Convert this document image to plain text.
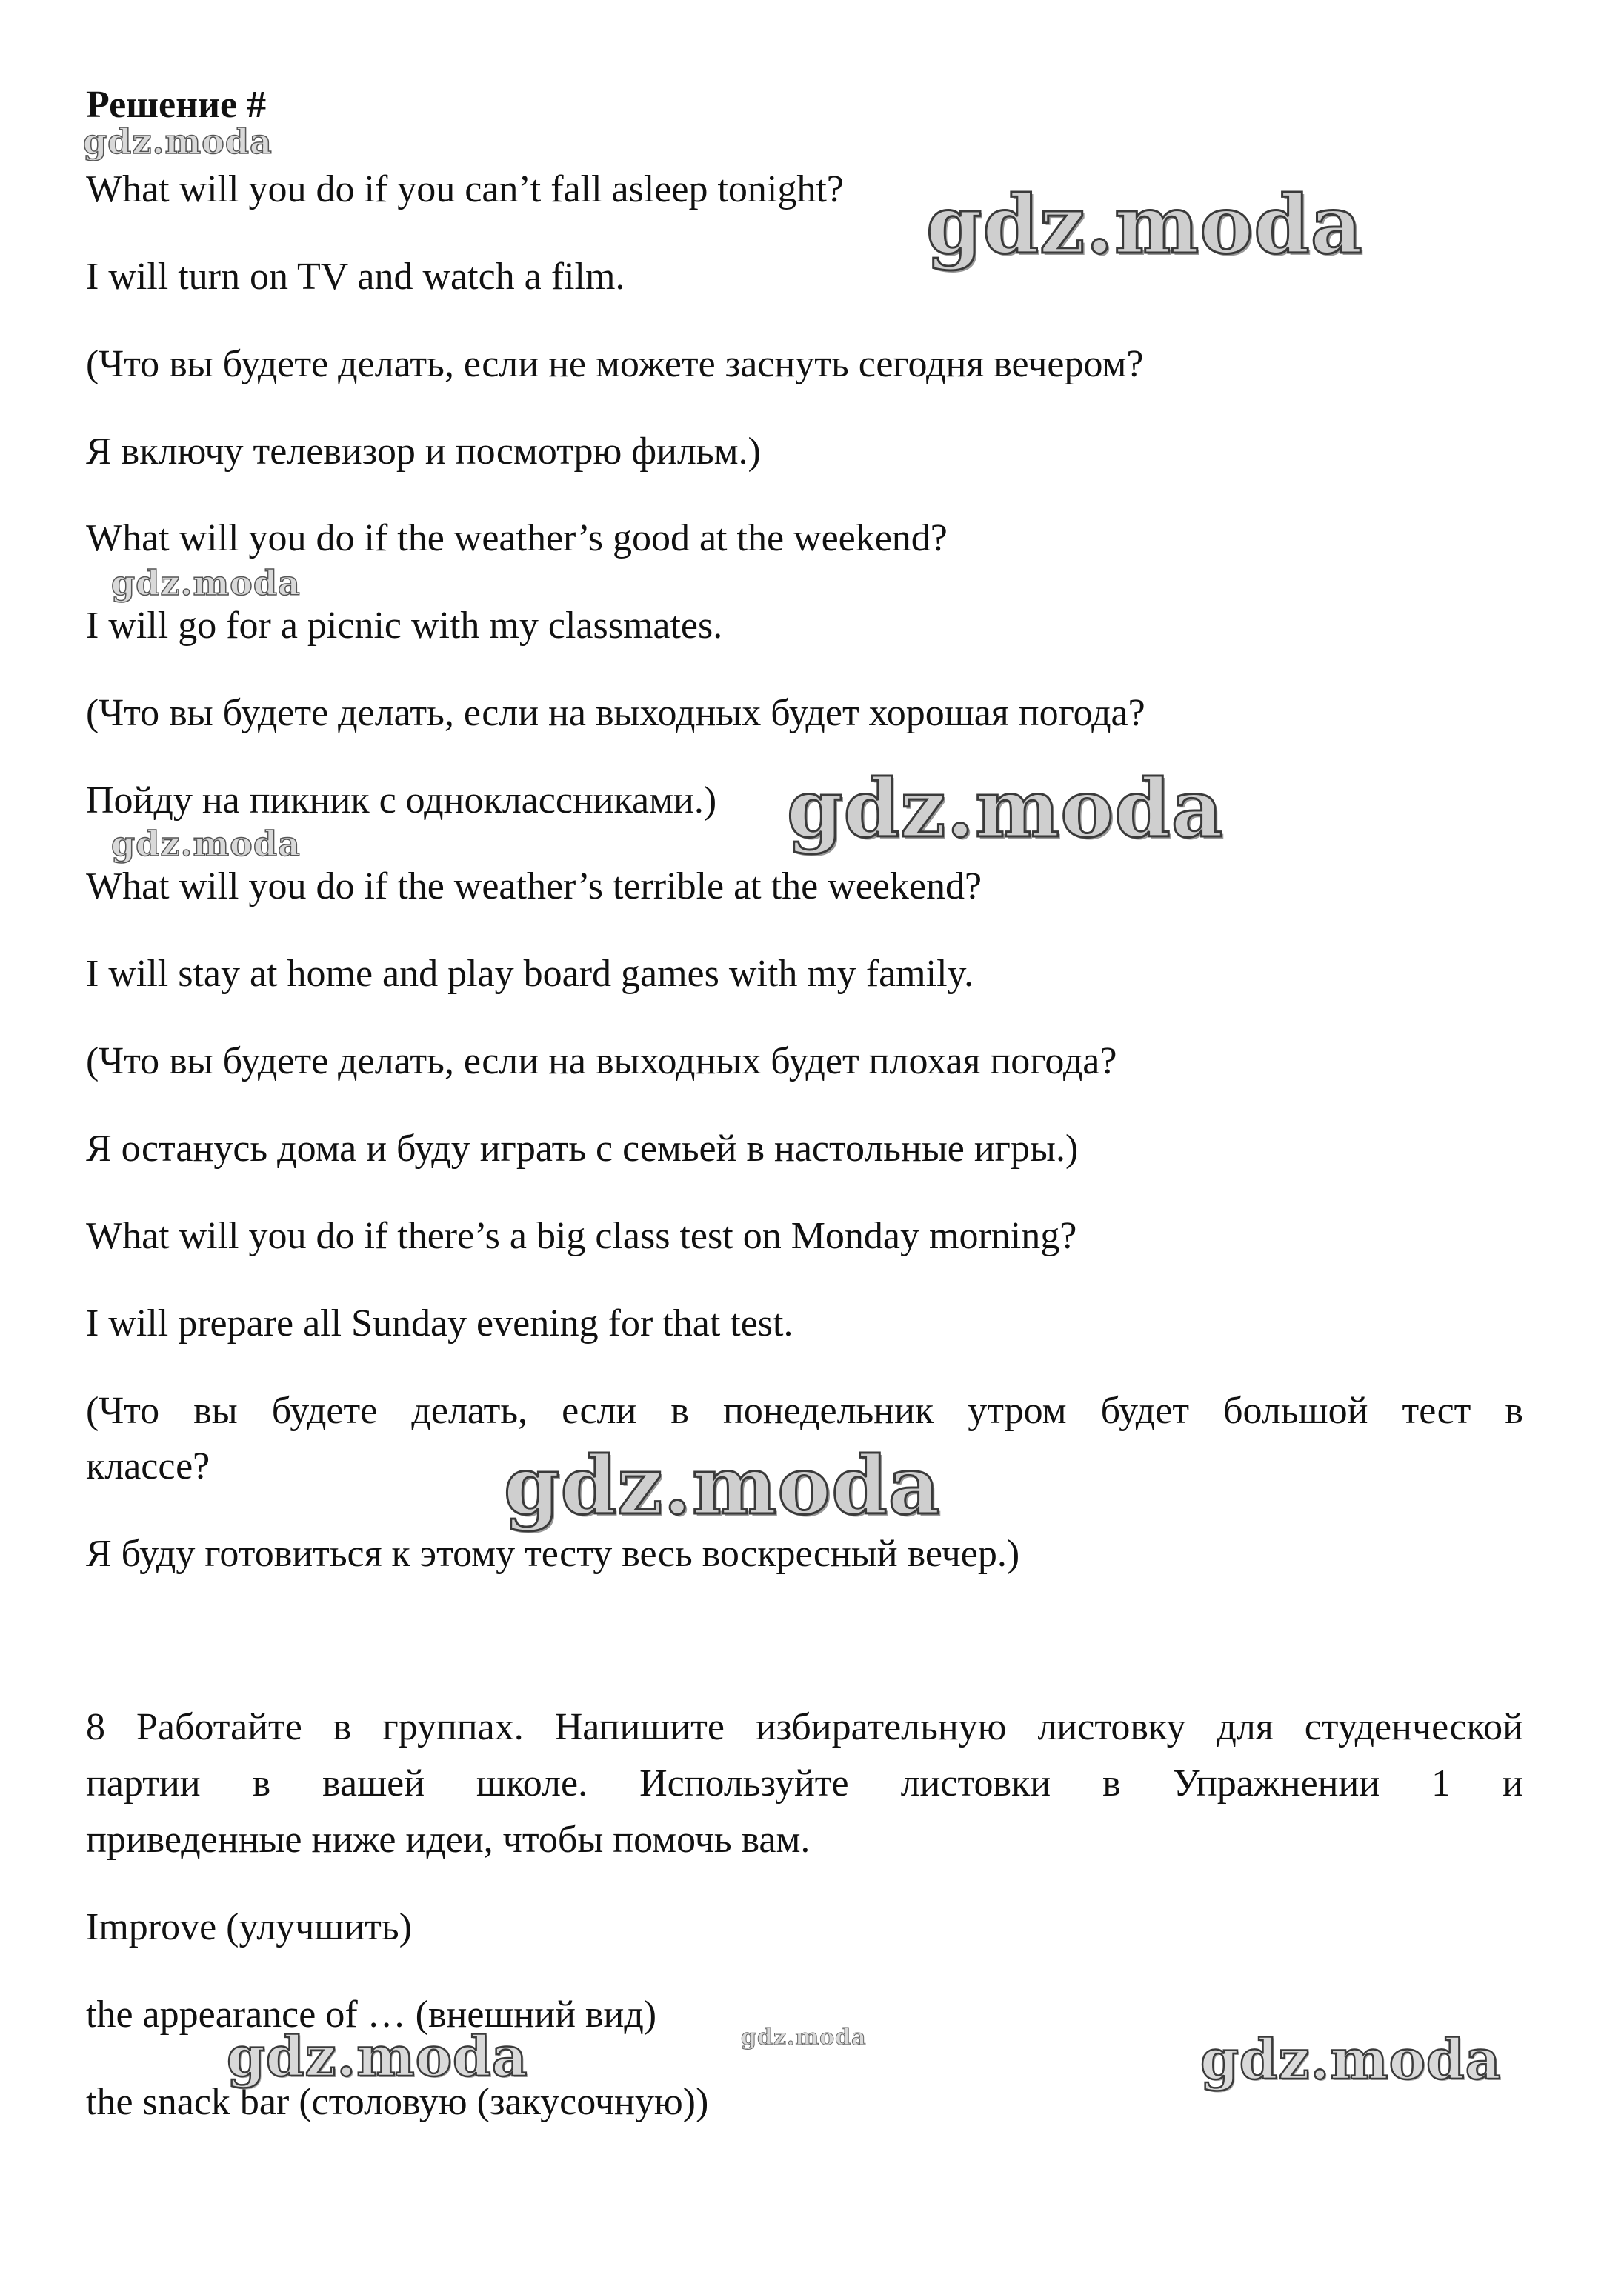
Решение #
What will you do if you can’t fall asleep tonight?
I will turn on TV and watch a film.
(Что вы будете делать, если не можете заснуть сегодня вечером?
Я включу телевизор и посмотрю фильм.)
What will you do if the weather’s good at the weekend?
I will go for a picnic with my classmates.
(Что вы будете делать, если на выходных будет хорошая погода?
Пойду на пикник с одноклассниками.)
What will you do if the weather’s terrible at the weekend?
I will stay at home and play board games with my family.
(Что вы будете делать, если на выходных будет плохая погода?
Я останусь дома и буду играть с семьей в настольные игры.)
What will you do if there’s a big class test on Monday morning?
I will prepare all Sunday evening for that test.
(Что вы будете делать, если в понедельник утром будет большой тест в
классе?
Я буду готовиться к этому тесту весь воскресный вечер.)
8 Работайте в группах. Напишите избирательную листовку для студенческой
партии в вашей школе. Используйте листовки в Упражнении 1 и
приведенные ниже идеи, чтобы помочь вам.
Improve (улучшить)
the appearance of … (внешний вид)
the snack bar (столовую (закусочную))
gdz.moda
gdz.moda
gdz.moda
gdz.moda
gdz.moda
gdz.moda
gdz.moda	gdz.moda	gdz.moda
